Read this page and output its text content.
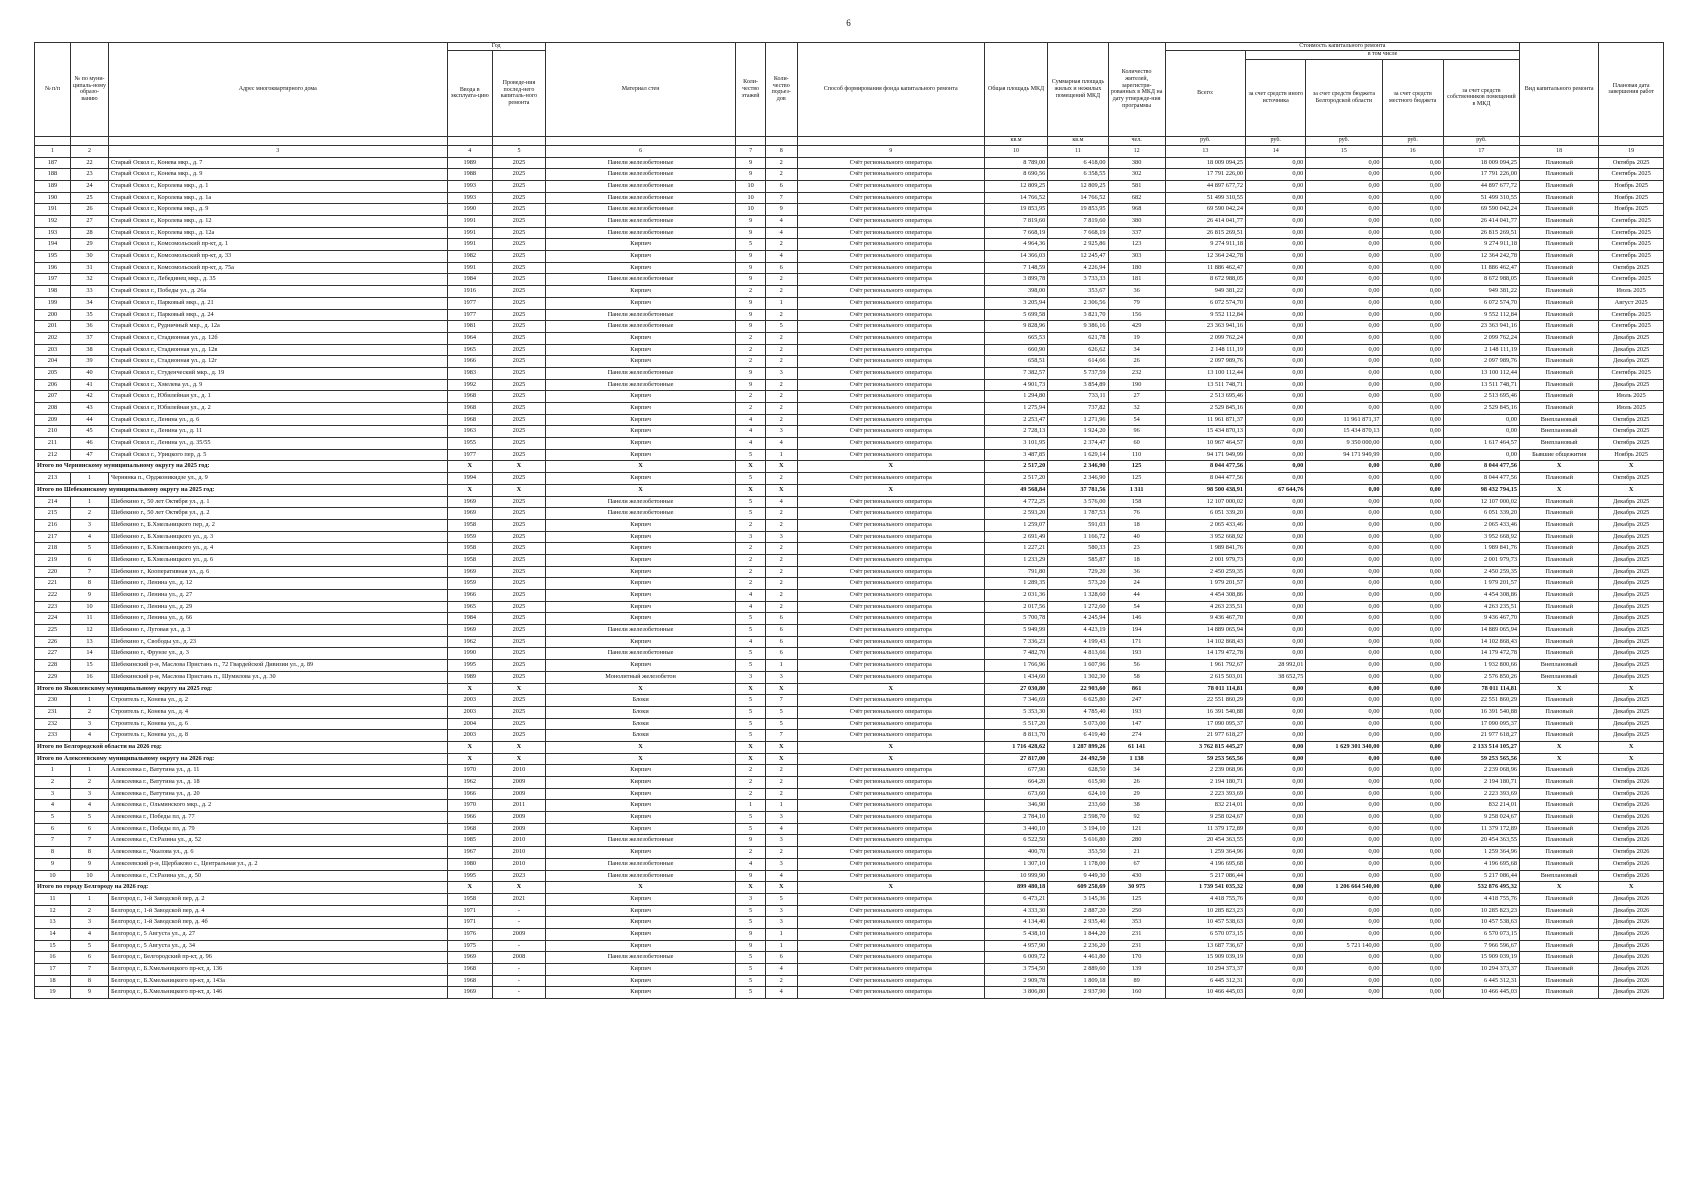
6
№ п/п	№ по муни-ципаль-ному образо-ванию	Адрес многоквартирного дома	Год		Материал стен	Коли-чество этажей	Коли-чество подъез-дов	Способ формирования фонда капитального ремонта	Общая площадь МКД	Суммарная площадь жилых и нежилых помещений МКД	Количество жителей, зарегистри-рованных в МКД на дату утвержде-ния программы	Стоимость капитального ремонта					Вид капитального ремонта	Плановая дата завершения работ
			Ввода в эксплуата-цию	Проведе-ния послед-него капиталь-ного ремонта								Всего:	в том числе					
													за счет средств иного источника	за счет средств бюджета Белгородской области	за счет средств местного бюджета	за счет средств собственников помещений в МКД		
									кв.м	кв.м	чел.	руб.	руб.	руб.	руб.	руб.		
1	2	3	4	5	6	7	8	9	10	11	12	13	14	15	16	17	18	19
187	22	Старый Оскол г., Конева мкр., д. 7	1989	2025	Панели железобетонные	9	2	Счёт регионального оператора	8 789,00	6 418,00	380	18 009 094,25	0,00	0,00	0,00	18 009 094,25	Плановый	Октябрь 2025
188	23	Старый Оскол г., Конева мкр., д. 9	1988	2025	Панели железобетонные	9	2	Счёт регионального оператора	8 690,56	6 358,55	302	17 791 226,00	0,00	0,00	0,00	17 791 226,00	Плановый	Сентябрь 2025
189	24	Старый Оскол г., Королева мкр., д. 1	1993	2025	Панели железобетонные	10	6	Счёт регионального оператора	12 809,25	12 809,25	581	44 897 677,72	0,00	0,00	0,00	44 897 677,72	Плановый	Ноябрь 2025
190	25	Старый Оскол г., Королева мкр., д. 1а	1993	2025	Панели железобетонные	10	7	Счёт регионального оператора	14 766,52	14 766,52	682	51 499 310,55	0,00	0,00	0,00	51 499 310,55	Плановый	Ноябрь 2025
191	26	Старый Оскол г., Королева мкр., д. 9	1990	2025	Панели железобетонные	10	9	Счёт регионального оператора	19 853,95	19 853,95	968	69 590 042,24	0,00	0,00	0,00	69 590 042,24	Плановый	Ноябрь 2025
192	27	Старый Оскол г., Королева мкр., д. 12	1991	2025	Панели железобетонные	9	4	Счёт регионального оператора	7 819,60	7 819,60	380	26 414 041,77	0,00	0,00	0,00	26 414 041,77	Плановый	Сентябрь 2025
193	28	Старый Оскол г., Королева мкр., д. 12а	1991	2025	Панели железобетонные	9	4	Счёт регионального оператора	7 668,19	7 668,19	337	26 815 269,51	0,00	0,00	0,00	26 815 269,51	Плановый	Сентябрь 2025
194	29	Старый Оскол г., Комсомольский пр-кт, д. 1	1991	2025	Кирпич	5	2	Счёт регионального оператора	4 964,36	2 925,86	123	9 274 911,18	0,00	0,00	0,00	9 274 911,18	Плановый	Сентябрь 2025
195	30	Старый Оскол г., Комсомольский пр-кт, д. 33	1982	2025	Кирпич	9	4	Счёт регионального оператора	14 366,03	12 245,47	303	12 364 242,78	0,00	0,00	0,00	12 364 242,78	Плановый	Сентябрь 2025
196	31	Старый Оскол г., Комсомольский пр-кт, д. 75а	1991	2025	Кирпич	9	6	Счёт регионального оператора	7 148,59	4 226,94	180	11 886 462,47	0,00	0,00	0,00	11 886 462,47	Плановый	Октябрь 2025
197	32	Старый Оскол г., Лебединец мкр., д. 35	1984	2025	Панели железобетонные	9	2	Счёт регионального оператора	3 899,78	3 733,33	181	8 672 988,05	0,00	0,00	0,00	8 672 988,05	Плановый	Сентябрь 2025
198	33	Старый Оскол г., Победы ул., д. 26а	1916	2025	Кирпич	2	2	Счёт регионального оператора	398,00	353,67	36	949 381,22	0,00	0,00	0,00	949 381,22	Плановый	Июль 2025
199	34	Старый Оскол г., Парковый мкр., д. 21	1977	2025	Кирпич	9	1	Счёт регионального оператора	3 205,94	2 306,56	79	6 072 574,70	0,00	0,00	0,00	6 072 574,70	Плановый	Август 2025
200	35	Старый Оскол г., Парковый мкр., д. 24	1977	2025	Панели железобетонные	9	2	Счёт регионального оператора	5 699,58	3 821,70	156	9 552 112,84	0,00	0,00	0,00	9 552 112,84	Плановый	Сентябрь 2025
201	36	Старый Оскол г., Рудничный мкр., д. 12а	1981	2025	Панели железобетонные	9	5	Счёт регионального оператора	9 828,96	9 386,16	429	23 363 941,16	0,00	0,00	0,00	23 363 941,16	Плановый	Сентябрь 2025
202	37	Старый Оскол г., Стадионная ул., д. 12б	1964	2025	Кирпич	2	2	Счёт регионального оператора	665,53	621,78	19	2 099 762,24	0,00	0,00	0,00	2 099 762,24	Плановый	Декабрь 2025
203	38	Старый Оскол г., Стадионная ул., д. 12в	1965	2025	Кирпич	2	2	Счёт регионального оператора	660,90	626,62	34	2 148 111,19	0,00	0,00	0,00	2 148 111,19	Плановый	Декабрь 2025
204	39	Старый Оскол г., Стадионная ул., д. 12г	1966	2025	Кирпич	2	2	Счёт регионального оператора	658,51	614,66	26	2 097 989,76	0,00	0,00	0,00	2 097 989,76	Плановый	Декабрь 2025
205	40	Старый Оскол г., Студенческий мкр., д. 19	1983	2025	Панели железобетонные	9	3	Счёт регионального оператора	7 382,57	5 737,59	232	13 100 112,44	0,00	0,00	0,00	13 100 112,44	Плановый	Сентябрь 2025
206	41	Старый Оскол г., Хмелева ул., д. 9	1992	2025	Панели железобетонные	9	2	Счёт регионального оператора	4 901,73	3 854,89	190	13 511 748,71	0,00	0,00	0,00	13 511 748,71	Плановый	Декабрь 2025
207	42	Старый Оскол г., Юбилейная ул., д. 1	1968	2025	Кирпич	2	2	Счёт регионального оператора	1 294,80	733,11	27	2 513 695,46	0,00	0,00	0,00	2 513 695,46	Плановый	Июль 2025
208	43	Старый Оскол г., Юбилейная ул., д. 2	1968	2025	Кирпич	2	2	Счёт регионального оператора	1 275,94	737,82	32	2 529 845,16	0,00	0,00	0,00	2 529 845,16	Плановый	Июль 2025
209	44	Старый Оскол г., Ленина ул., д. 6	1968	2025	Кирпич	4	2	Счёт регионального оператора	2 253,47	1 271,96	54	11 961 871,37	0,00	11 961 871,37	0,00	0,00	Внеплановый	Октябрь 2025
210	45	Старый Оскол г., Ленина ул., д. 11	1963	2025	Кирпич	4	3	Счёт регионального оператора	2 728,13	1 924,20	96	15 434 870,13	0,00	15 434 870,13	0,00	0,00	Внеплановый	Октябрь 2025
211	46	Старый Оскол г., Ленина ул., д. 35/55	1955	2025	Кирпич	4	4	Счёт регионального оператора	3 101,95	2 374,47	60	10 967 464,57	0,00	9 350 000,00	0,00	1 617 464,57	Внеплановый	Октябрь 2025
212	47	Старый Оскол г., Урицкого пер, д. 5	1977	2025	Кирпич	5	1	Счёт регионального оператора	3 487,85	1 629,14	110	94 171 949,99	0,00	94 171 949,99	0,00	0,00	Бывшие общежития	Ноябрь 2025
Итого по Чернянскому муниципальному округу на 2025 год:			X	X	X	X	X	X	2 517,20	2 346,90	125	8 044 477,56	0,00	0,00	0,00	8 044 477,56	X	X
213	1	Чернянка п., Орджоникидзе ул., д. 9	1994	2025	Кирпич	5	2	Счёт регионального оператора	2 517,20	2 346,90	125	8 044 477,56	0,00	0,00	0,00	8 044 477,56	Плановый	Октябрь 2025
Итого по Шебекинскому муниципальному округу на 2025 год:			X	X	X	X	X	X	49 568,84	37 781,56	1 311	98 500 438,91	67 644,76	0,00	0,00	98 432 794,15	X	X
214	1	Шебекино г., 50 лет Октября ул., д. 1	1969	2025	Панели железобетонные	5	4	Счёт регионального оператора	4 772,25	3 576,00	158	12 107 000,02	0,00	0,00	0,00	12 107 000,02	Плановый	Декабрь 2025
215	2	Шебекино г., 50 лет Октября ул., д. 2	1969	2025	Панели железобетонные	5	2	Счёт регионального оператора	2 593,20	1 787,53	76	6 051 339,20	0,00	0,00	0,00	6 051 339,20	Плановый	Декабрь 2025
216	3	Шебекино г., Б.Хмельницкого пер, д. 2	1958	2025	Кирпич	2	2	Счёт регионального оператора	1 259,07	591,03	18	2 065 433,46	0,00	0,00	0,00	2 065 433,46	Плановый	Декабрь 2025
217	4	Шебекино г., Б.Хмельницкого ул., д. 3	1959	2025	Кирпич	3	3	Счёт регионального оператора	2 691,49	1 166,72	40	3 952 668,92	0,00	0,00	0,00	3 952 668,92	Плановый	Декабрь 2025
218	5	Шебекино г., Б.Хмельницкого ул., д. 4	1958	2025	Кирпич	2	2	Счёт регионального оператора	1 227,21	580,33	23	1 989 841,76	0,00	0,00	0,00	1 989 841,76	Плановый	Декабрь 2025
219	6	Шебекино г., Б.Хмельницкого ул., д. 6	1958	2025	Кирпич	2	2	Счёт регионального оператора	1 233,29	585,87	18	2 001 979,73	0,00	0,00	0,00	2 001 979,73	Плановый	Декабрь 2025
220	7	Шебекино г., Кооперативная ул., д. 6	1969	2025	Кирпич	2	2	Счёт регионального оператора	791,80	729,20	36	2 450 259,35	0,00	0,00	0,00	2 450 259,35	Плановый	Декабрь 2025
221	8	Шебекино г., Ленина ул., д. 12	1959	2025	Кирпич	2	2	Счёт регионального оператора	1 289,35	573,20	24	1 979 201,57	0,00	0,00	0,00	1 979 201,57	Плановый	Декабрь 2025
222	9	Шебекино г., Ленина ул., д. 27	1966	2025	Кирпич	4	2	Счёт регионального оператора	2 031,36	1 328,60	44	4 454 308,86	0,00	0,00	0,00	4 454 308,86	Плановый	Декабрь 2025
223	10	Шебекино г., Ленина ул., д. 29	1965	2025	Кирпич	4	2	Счёт регионального оператора	2 017,56	1 272,60	54	4 263 235,51	0,00	0,00	0,00	4 263 235,51	Плановый	Декабрь 2025
224	11	Шебекино г., Ленина ул., д. 66	1984	2025	Кирпич	5	6	Счёт регионального оператора	5 700,78	4 245,94	146	9 436 467,70	0,00	0,00	0,00	9 436 467,70	Плановый	Декабрь 2025
225	12	Шебекино г., Луговая ул., д. 3	1969	2025	Панели железобетонные	5	6	Счёт регионального оператора	5 949,99	4 423,19	194	14 889 065,94	0,00	0,00	0,00	14 889 065,94	Плановый	Декабрь 2025
226	13	Шебекино г., Свободы ул., д. 23	1962	2025	Кирпич	4	6	Счёт регионального оператора	7 336,23	4 199,43	171	14 102 868,43	0,00	0,00	0,00	14 102 868,43	Плановый	Декабрь 2025
227	14	Шебекино г., Фрунзе ул., д. 3	1990	2025	Панели железобетонные	5	6	Счёт регионального оператора	7 482,70	4 813,66	193	14 179 472,78	0,00	0,00	0,00	14 179 472,78	Плановый	Декабрь 2025
228	15	Шебекинский р-н, Маслова Пристань п., 72 Гвардейской Дивизии ул., д. 89	1995	2025	Кирпич	5	1	Счёт регионального оператора	1 766,96	1 607,96	56	1 961 792,67	28 992,01	0,00	0,00	1 932 800,66	Внеплановый	Декабрь 2025
229	16	Шебекинский р-н, Маслова Пристань п., Шумилова ул., д. 30	1989	2025	Монолитный железобетон	3	3	Счёт регионального оператора	1 434,60	1 302,30	58	2 615 503,01	38 652,75	0,00	0,00	2 576 850,26	Внеплановый	Декабрь 2025
Итого по Яковлевскому муниципальному округу на 2025 год:			X	X	X	X	X	X	27 030,80	22 903,60	861	78 011 114,81	0,00	0,00	0,00	78 011 114,81	X	X
230	1	Строитель г., Конева ул., д. 2	2003	2025	Блоки	5	7	Счёт регионального оператора	7 346,69	6 625,80	247	22 551 860,29	0,00	0,00	0,00	22 551 860,29	Плановый	Декабрь 2025
231	2	Строитель г., Конева ул., д. 4	2003	2025	Блоки	5	5	Счёт регионального оператора	5 353,30	4 785,40	193	16 391 540,88	0,00	0,00	0,00	16 391 540,88	Плановый	Декабрь 2025
232	3	Строитель г., Конева ул., д. 6	2004	2025	Блоки	5	5	Счёт регионального оператора	5 517,20	5 073,00	147	17 090 095,37	0,00	0,00	0,00	17 090 095,37	Плановый	Декабрь 2025
233	4	Строитель г., Конева ул., д. 8	2003	2025	Блоки	5	7	Счёт регионального оператора	8 813,70	6 419,40	274	21 977 618,27	0,00	0,00	0,00	21 977 618,27	Плановый	Декабрь 2025
Итого по Белгородской области на 2026 год:			X	X	X	X	X	X	1 716 428,62	1 287 899,26	61 141	3 762 815 445,27	0,00	1 629 301 340,00	0,00	2 133 514 105,27	X	X
Итого по Алексеевскому муниципальному округу на 2026 год:			X	X	X	X	X	X	27 817,00	24 492,50	1 138	59 253 565,56	0,00	0,00	0,00	59 253 565,56	X	X
1	1	Алексеевка г., Ватутина ул., д. 11	1970	2010	Кирпич	2	2	Счёт регионального оператора	677,90	628,50	34	2 239 068,96	0,00	0,00	0,00	2 239 068,96	Плановый	Октябрь 2026
2	2	Алексеевка г., Ватутина ул., д. 18	1962	2009	Кирпич	2	2	Счёт регионального оператора	664,20	615,90	26	2 194 180,71	0,00	0,00	0,00	2 194 180,71	Плановый	Октябрь 2026
3	3	Алексеевка г., Ватутина ул., д. 20	1966	2009	Кирпич	2	2	Счёт регионального оператора	673,60	624,10	29	2 223 393,69	0,00	0,00	0,00	2 223 393,69	Плановый	Октябрь 2026
4	4	Алексеевка г., Ольминского мкр., д. 2	1970	2011	Кирпич	1	1	Счёт регионального оператора	346,90	233,60	38	832 214,01	0,00	0,00	0,00	832 214,01	Плановый	Октябрь 2026
5	5	Алексеевка г., Победы пл, д. 77	1966	2009	Кирпич	5	3	Счёт регионального оператора	2 784,10	2 598,70	92	9 258 024,67	0,00	0,00	0,00	9 258 024,67	Плановый	Октябрь 2026
6	6	Алексеевка г., Победы пл, д. 79	1968	2009	Кирпич	5	4	Счёт регионального оператора	3 440,10	3 194,10	121	11 379 172,89	0,00	0,00	0,00	11 379 172,89	Плановый	Октябрь 2026
7	7	Алексеевка г., Ст.Разина ул., д. 52	1985	2010	Панели железобетонные	9	3	Счёт регионального оператора	6 522,50	5 616,80	280	20 454 363,55	0,00	0,00	0,00	20 454 363,55	Плановый	Октябрь 2026
8	8	Алексеевка г., Чкалова ул., д. 6	1967	2010	Кирпич	2	2	Счёт регионального оператора	400,70	353,50	21	1 259 364,96	0,00	0,00	0,00	1 259 364,96	Плановый	Октябрь 2026
9	9	Алексеевский р-н, Щербаково с., Центральная ул., д. 2	1980	2010	Панели железобетонные	4	3	Счёт регионального оператора	1 307,10	1 178,00	67	4 196 695,68	0,00	0,00	0,00	4 196 695,68	Плановый	Октябрь 2026
10	10	Алексеевка г., Ст.Разина ул., д. 50	1995	2023	Панели железобетонные	9	4	Счёт регионального оператора	10 999,90	9 449,30	430	5 217 086,44	0,00	0,00	0,00	5 217 086,44	Внеплановый	Октябрь 2026
Итого по городу Белгороду на 2026 год:			X	X	X	X	X	X	899 480,18	609 258,69	30 975	1 739 541 035,32	0,00	1 206 664 540,00	0,00	532 876 495,32	X	X
11	1	Белгород г., 1-й Заводской пер, д. 2	1958	2021	Кирпич	3	5	Счёт регионального оператора	6 473,21	3 145,36	125	4 418 755,76	0,00	0,00	0,00	4 418 755,76	Плановый	Декабрь 2026
12	2	Белгород г., 1-й Заводской пер, д. 4	1971	-	Кирпич	5	3	Счёт регионального оператора	4 333,30	2 887,20	250	10 285 823,23	0,00	0,00	0,00	10 285 823,23	Плановый	Декабрь 2026
13	3	Белгород г., 1-й Заводской пер, д. 4б	1971	-	Кирпич	5	3	Счёт регионального оператора	4 134,40	2 935,40	353	10 457 538,63	0,00	0,00	0,00	10 457 538,63	Плановый	Декабрь 2026
14	4	Белгород г., 5 Августа ул., д. 27	1976	2009	Кирпич	9	1	Счёт регионального оператора	5 438,10	1 844,20	231	6 570 073,15	0,00	0,00	0,00	6 570 073,15	Плановый	Декабрь 2026
15	5	Белгород г., 5 Августа ул., д. 34	1975	-	Кирпич	9	1	Счёт регионального оператора	4 957,90	2 236,20	231	13 687 736,67	0,00	5 721 140,00	0,00	7 966 596,67	Плановый	Декабрь 2026
16	6	Белгород г., Белгородский пр-кт, д. 96	1969	2008	Панели железобетонные	5	6	Счёт регионального оператора	6 009,72	4 461,80	170	15 909 039,19	0,00	0,00	0,00	15 909 039,19	Плановый	Декабрь 2026
17	7	Белгород г., Б.Хмельницкого пр-кт, д. 136	1968	-	Кирпич	5	4	Счёт регионального оператора	3 754,50	2 889,60	139	10 294 373,37	0,00	0,00	0,00	10 294 373,37	Плановый	Декабрь 2026
18	8	Белгород г., Б.Хмельницкого пр-кт, д. 143а	1968	-	Кирпич	5	2	Счёт регионального оператора	2 909,78	1 809,18	89	6 445 312,31	0,00	0,00	0,00	6 445 312,31	Плановый	Декабрь 2026
19	9	Белгород г., Б.Хмельницкого пр-кт, д. 146	1969	-	Кирпич	5	4	Счёт регионального оператора	3 806,80	2 937,90	160	10 466 445,03	0,00	0,00	0,00	10 466 445,03	Плановый	Декабрь 2026
